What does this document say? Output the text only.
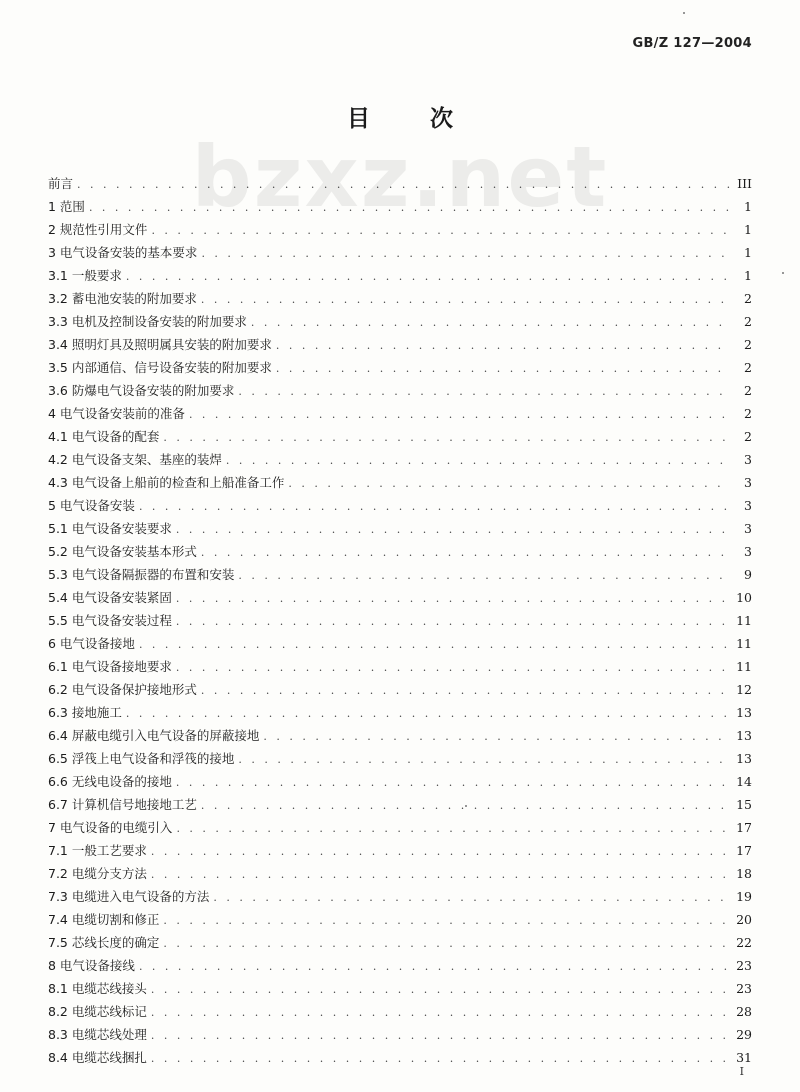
GB/Z 127—2004
目 次
bzxz.net
前言 . . .	III
1 范围 . . .	1
2 规范性引用文件 . . .	1
3 电气设备安装的基本要求 . . .	1
3.1 一般要求 . . .	1
3.2 蓄电池安装的附加要求 . . .	2
3.3 电机及控制设备安装的附加要求 . . .	2
3.4 照明灯具及照明属具安装的附加要求 . . .	2
3.5 内部通信、信号设备安装的附加要求 . . .	2
3.6 防爆电气设备安装的附加要求 . . .	2
4 电气设备安装前的准备 . . .	2
4.1 电气设备的配套 . . .	2
4.2 电气设备支架、基座的装焊 . . .	3
4.3 电气设备上船前的检查和上船准备工作 . . .	3
5 电气设备安装 . . .	3
5.1 电气设备安装要求 . . .	3
5.2 电气设备安装基本形式 . . .	3
5.3 电气设备隔振器的布置和安装 . . .	9
5.4 电气设备安装紧固 . . .	10
5.5 电气设备安装过程 . . .	11
6 电气设备接地 . . .	11
6.1 电气设备接地要求 . . .	11
6.2 电气设备保护接地形式 . . .	12
6.3 接地施工 . . .	13
6.4 屏蔽电缆引入电气设备的屏蔽接地 . . .	13
6.5 浮筏上电气设备和浮筏的接地 . . .	13
6.6 无线电设备的接地 . . .	14
6.7 计算机信号地接地工艺 . . .	15
7 电气设备的电缆引入 . . .	17
7.1 一般工艺要求 . . .	17
7.2 电缆分支方法 . . .	18
7.3 电缆进入电气设备的方法 . . .	19
7.4 电缆切割和修正 . . .	20
7.5 芯线长度的确定 . . .	22
8 电气设备接线 . . .	23
8.1 电缆芯线接头 . . .	23
8.2 电缆芯线标记 . . .	28
8.3 电缆芯线处理 . . .	29
8.4 电缆芯线捆扎 . . .	31
I
